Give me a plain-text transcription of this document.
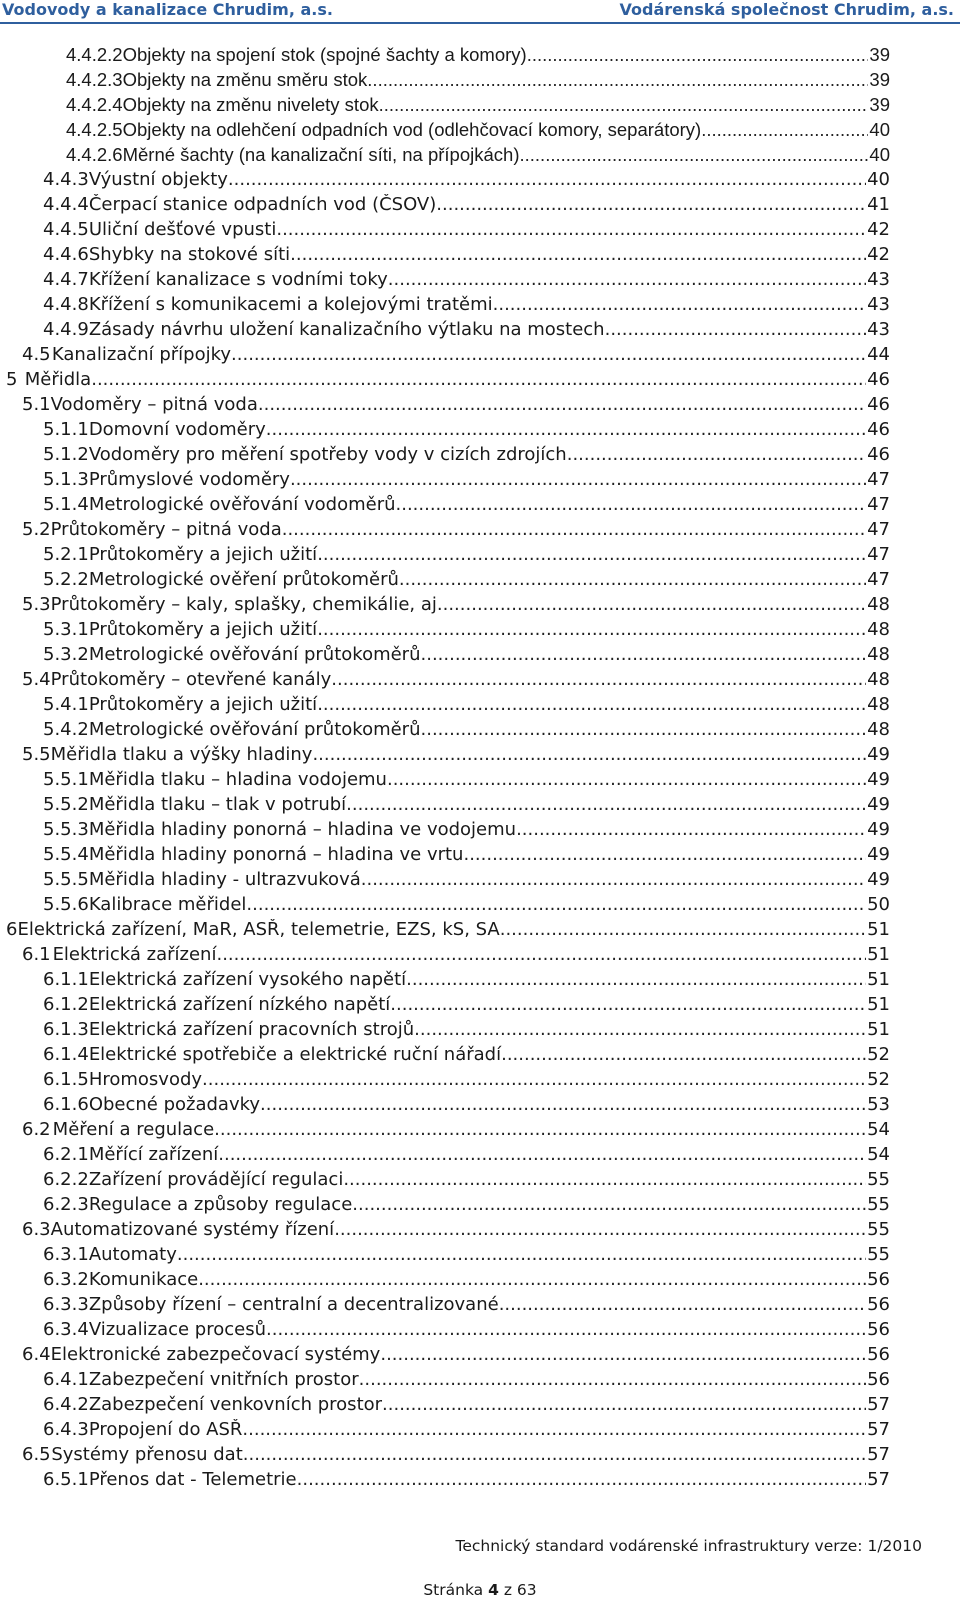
Vodovody a kanalizace Chrudim, a.s.	Vodárenská společnost Chrudim, a.s.
4.4.2.2 Objekty na spojení stok (spojné šachty a komory) .....	39
4.4.2.3 Objekty na změnu směru stok .....	39
4.4.2.4 Objekty na změnu nivelety stok .....	39
4.4.2.5 Objekty na odlehčení odpadních vod (odlehčovací komory, separátory) .....	40
4.4.2.6 Měrné šachty (na kanalizační síti, na přípojkách) .....	40
4.4.3 Výustní objekty .....	40
4.4.4 Čerpací stanice odpadních vod (ČSOV) .....	41
4.4.5 Uliční dešťové vpusti .....	42
4.4.6 Shybky na stokové síti .....	42
4.4.7 Křížení kanalizace s vodními toky .....	43
4.4.8 Křížení s komunikacemi a kolejovými tratěmi .....	43
4.4.9 Zásady návrhu uložení kanalizačního výtlaku na mostech .....	43
4.5 Kanalizační přípojky .....	44
5 Měřidla .....	46
5.1 Vodoměry – pitná voda .....	46
5.1.1 Domovní vodoměry .....	46
5.1.2 Vodoměry pro měření spotřeby vody v cizích zdrojích .....	46
5.1.3 Průmyslové vodoměry .....	47
5.1.4 Metrologické ověřování vodoměrů .....	47
5.2 Průtokoměry – pitná voda .....	47
5.2.1 Průtokoměry a jejich užití .....	47
5.2.2 Metrologické ověření průtokoměrů .....	47
5.3 Průtokoměry – kaly, splašky, chemikálie, aj. .....	48
5.3.1 Průtokoměry a jejich užití .....	48
5.3.2 Metrologické ověřování průtokoměrů .....	48
5.4 Průtokoměry – otevřené kanály .....	48
5.4.1 Průtokoměry a jejich užití .....	48
5.4.2 Metrologické ověřování průtokoměrů .....	48
5.5 Měřidla tlaku a výšky hladiny .....	49
5.5.1 Měřidla tlaku – hladina vodojemu .....	49
5.5.2 Měřidla tlaku – tlak v potrubí .....	49
5.5.3 Měřidla hladiny ponorná – hladina ve vodojemu .....	49
5.5.4 Měřidla hladiny ponorná – hladina ve vrtu .....	49
5.5.5 Měřidla hladiny - ultrazvuková .....	49
5.5.6 Kalibrace měřidel .....	50
6 Elektrická zařízení, MaR, ASŘ, telemetrie, EZS, kS, SA .....	51
6.1 Elektrická zařízení .....	51
6.1.1 Elektrická zařízení vysokého napětí .....	51
6.1.2 Elektrická zařízení nízkého napětí .....	51
6.1.3 Elektrická zařízení pracovních strojů .....	51
6.1.4 Elektrické spotřebiče a elektrické ruční nářadí .....	52
6.1.5 Hromosvody .....	52
6.1.6 Obecné požadavky .....	53
6.2 Měření a regulace .....	54
6.2.1 Měřící zařízení .....	54
6.2.2 Zařízení provádějící regulaci .....	55
6.2.3 Regulace a způsoby regulace .....	55
6.3 Automatizované systémy řízení .....	55
6.3.1 Automaty .....	55
6.3.2 Komunikace .....	56
6.3.3 Způsoby řízení – centralní a decentralizované .....	56
6.3.4 Vizualizace procesů .....	56
6.4 Elektronické zabezpečovací systémy .....	56
6.4.1 Zabezpečení vnitřních prostor .....	56
6.4.2 Zabezpečení venkovních prostor .....	57
6.4.3 Propojení do ASŘ .....	57
6.5 Systémy přenosu dat .....	57
6.5.1 Přenos dat - Telemetrie .....	57
Technický standard vodárenské infrastruktury verze: 1/2010
Stránka 4 z 63
